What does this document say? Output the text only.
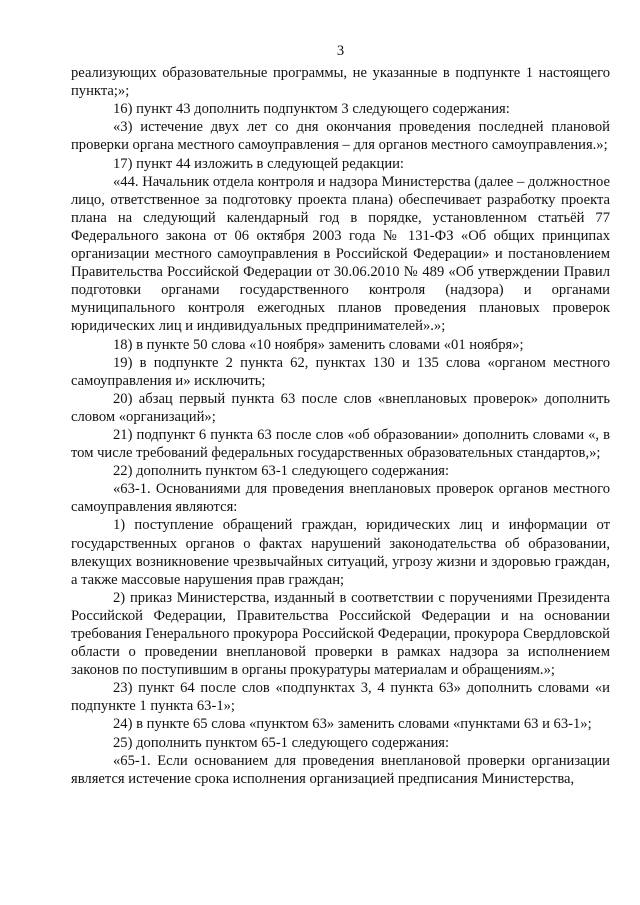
3

реализующих образовательные программы, не указанные в подпункте 1 настоящего пункта;»;

16) пункт 43 дополнить подпунктом 3 следующего содержания:

«3) истечение двух лет со дня окончания проведения последней плановой проверки органа местного самоуправления – для органов местного самоуправления.»;

17) пункт 44 изложить в следующей редакции:

«44. Начальник отдела контроля и надзора Министерства (далее – должностное лицо, ответственное за подготовку проекта плана) обеспечивает разработку проекта плана на следующий календарный год в порядке, установленном статьёй 77 Федерального закона от 06 октября 2003 года № 131-ФЗ «Об общих принципах организации местного самоуправления в Российской Федерации» и постановлением Правительства Российской Федерации от 30.06.2010 № 489 «Об утверждении Правил подготовки органами государственного контроля (надзора) и органами муниципального контроля ежегодных планов проведения плановых проверок юридических лиц и индивидуальных предпринимателей».»;

18) в пункте 50 слова «10 ноября» заменить словами «01 ноября»;

19) в подпункте 2 пункта 62, пунктах 130 и 135 слова «органом местного самоуправления и» исключить;

20) абзац первый пункта 63 после слов «внеплановых проверок» дополнить словом «организаций»;

21) подпункт 6 пункта 63 после слов «об образовании» дополнить словами «, в том числе требований федеральных государственных образовательных стандартов,»;

22) дополнить пунктом 63-1 следующего содержания:

«63-1. Основаниями для проведения внеплановых проверок органов местного самоуправления являются:

1) поступление обращений граждан, юридических лиц и информации от государственных органов о фактах нарушений законодательства об образовании, влекущих возникновение чрезвычайных ситуаций, угрозу жизни и здоровью граждан, а также массовые нарушения прав граждан;

2) приказ Министерства, изданный в соответствии с поручениями Президента Российской Федерации, Правительства Российской Федерации и на основании требования Генерального прокурора Российской Федерации, прокурора Свердловской области о проведении внеплановой проверки в рамках надзора за исполнением законов по поступившим в органы прокуратуры материалам и обращениям.»;

23) пункт 64 после слов «подпунктах 3, 4 пункта 63» дополнить словами «и подпункте 1 пункта 63-1»;

24) в пункте 65 слова «пунктом 63» заменить словами «пунктами 63 и 63-1»;

25) дополнить пунктом 65-1 следующего содержания:

«65-1. Если основанием для проведения внеплановой проверки организации является истечение срока исполнения организацией предписания Министерства,
